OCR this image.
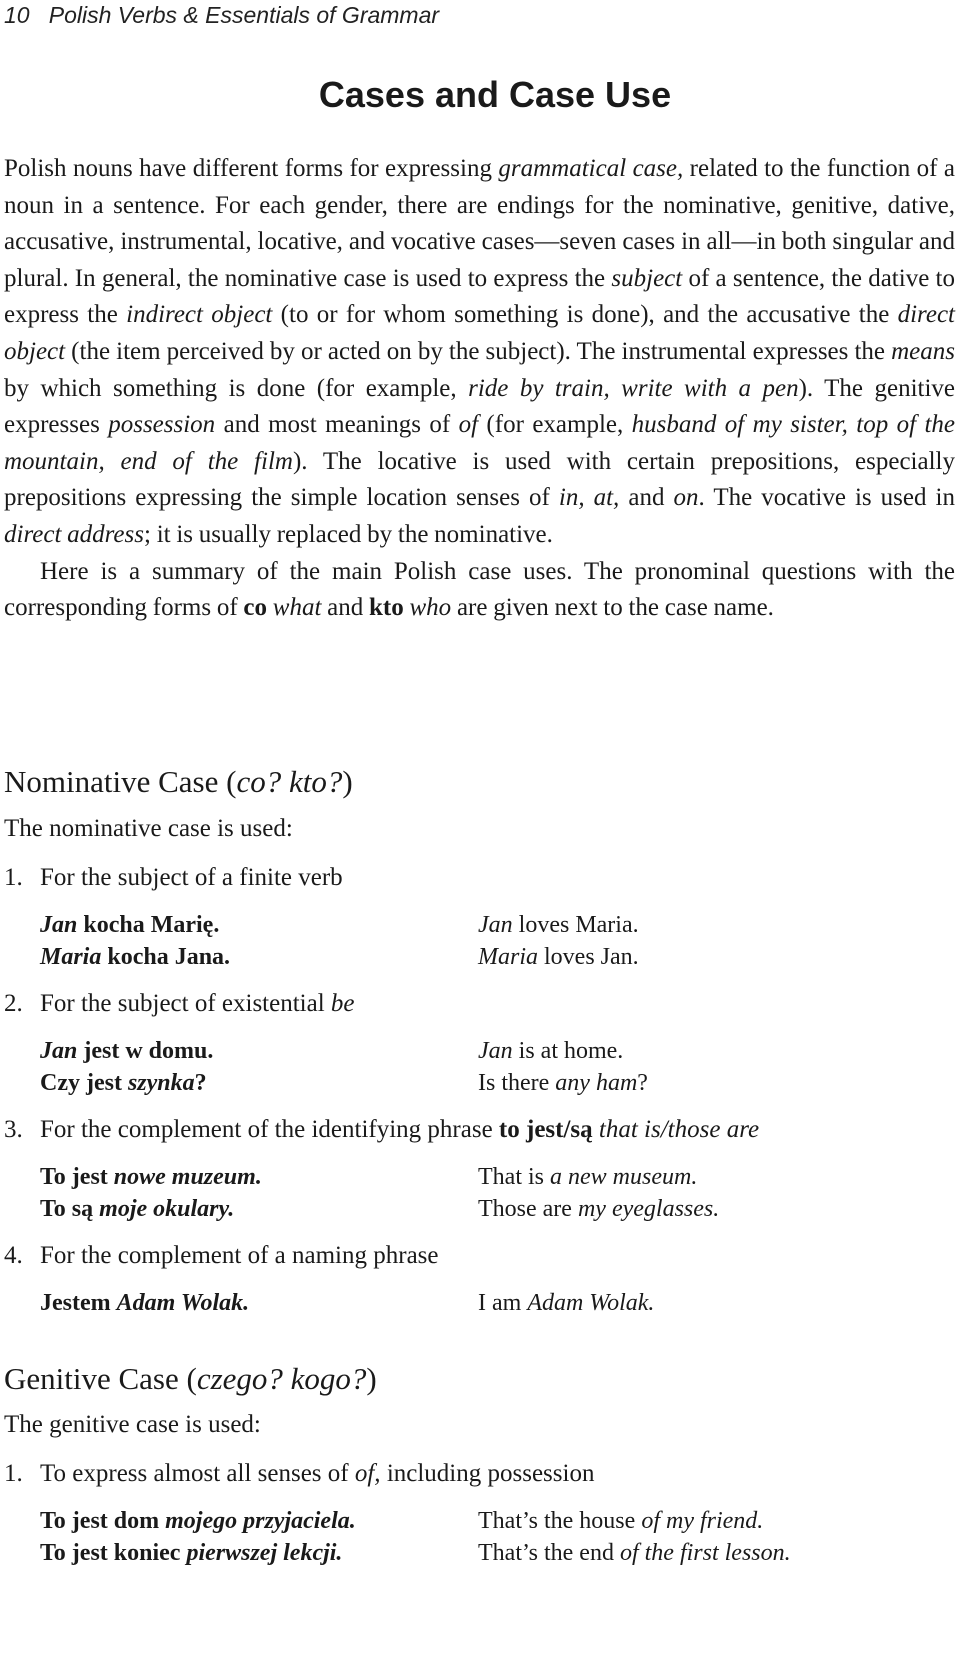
10 Polish Verbs & Essentials of Grammar
Cases and Case Use

Polish nouns have different forms for expressing grammatical case, related to the function of a noun in a sentence. For each gender, there are endings for the nominative, genitive, dative, accusative, instrumental, locative, and vocative cases—seven cases in all—in both singular and plural. In general, the nominative case is used to express the subject of a sentence, the dative to express the indirect object (to or for whom something is done), and the accusative the direct object (the item perceived by or acted on by the subject). The instrumental expresses the means by which something is done (for example, ride by train, write with a pen). The genitive expresses possession and most meanings of of (for example, husband of my sister, top of the mountain, end of the film). The locative is used with certain prepositions, especially prepositions expressing the simple location senses of in, at, and on. The vocative is used in direct address; it is usually replaced by the nominative.

Here is a summary of the main Polish case uses. The pronominal questions with the corresponding forms of co what and kto who are given next to the case name.

Nominative Case (co? kto?)
The nominative case is used:
1. For the subject of a finite verb
Jan kocha Marię.	Jan loves Maria.
Maria kocha Jana.	Maria loves Jan.
2. For the subject of existential be
Jan jest w domu.	Jan is at home.
Czy jest szynka?	Is there any ham?
3. For the complement of the identifying phrase to jest/są that is/those are
To jest nowe muzeum.	That is a new museum.
To są moje okulary.	Those are my eyeglasses.
4. For the complement of a naming phrase
Jestem Adam Wolak.	I am Adam Wolak.
Genitive Case (czego? kogo?)
The genitive case is used:
1. To express almost all senses of of, including possession
To jest dom mojego przyjaciela.	That’s the house of my friend.
To jest koniec pierwszej lekcji.	That’s the end of the first lesson.
